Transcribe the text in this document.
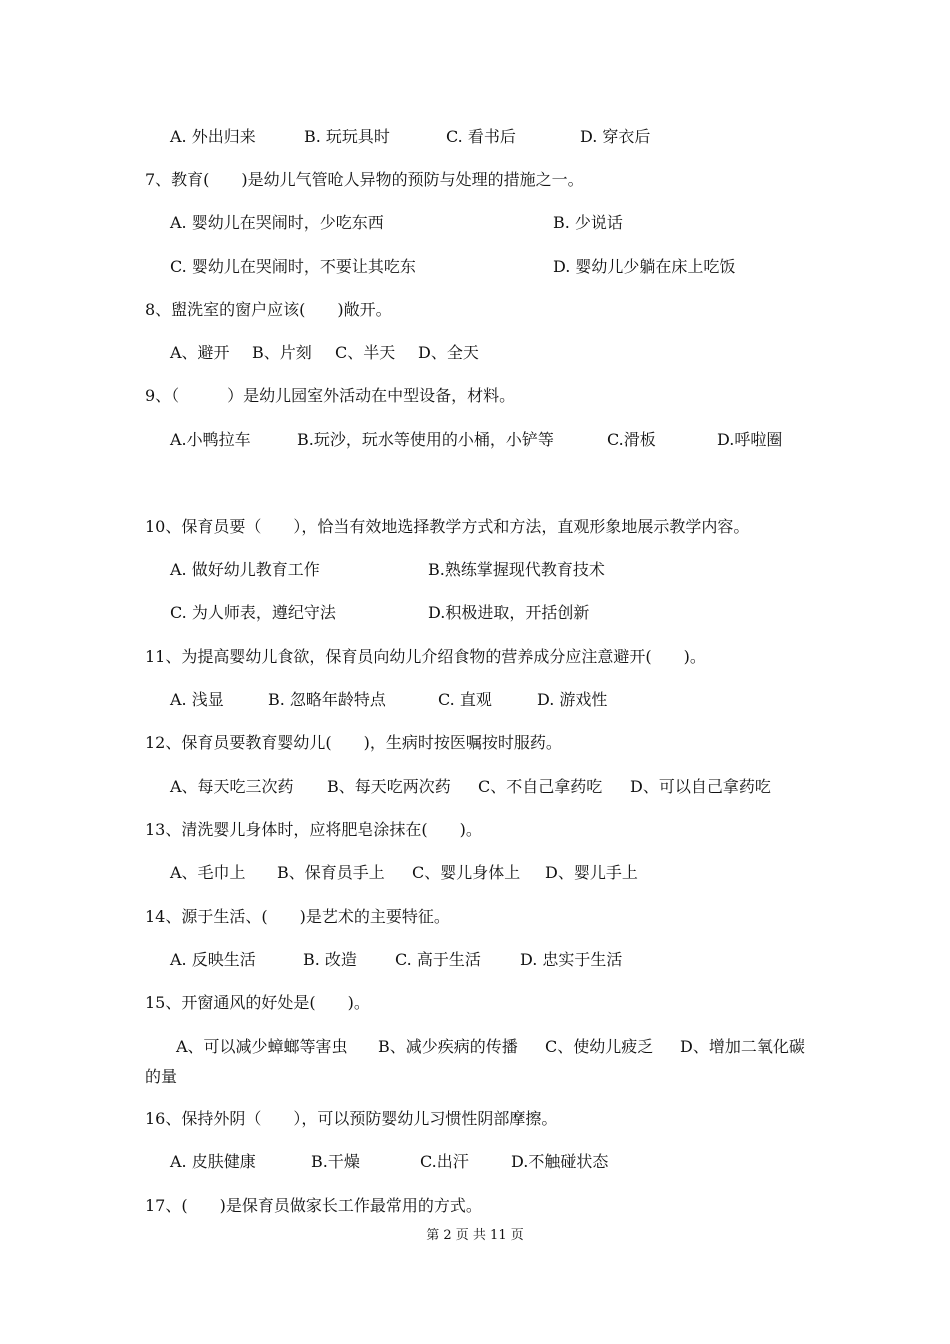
A. 外出归来	B. 玩玩具时	C. 看书后	D. 穿衣后
7、教育(　　)是幼儿气管呛人异物的预防与处理的措施之一。
A. 婴幼儿在哭闹时，少吃东西	B. 少说话
C. 婴幼儿在哭闹时，不要让其吃东	D. 婴幼儿少躺在床上吃饭
8、盥洗室的窗户应该(　　)敞开。
A、避开 B、片刻 C、半天 D、全天
9、（　　　）是幼儿园室外活动在中型设备，材料。
A.小鸭拉车	B.玩沙，玩水等使用的小桶，小铲等	C.滑板	D.呼啦圈
10、保育员要（　　），恰当有效地选择教学方式和方法，直观形象地展示教学内容。
A. 做好幼儿教育工作	B.熟练掌握现代教育技术
C. 为人师表，遵纪守法	D.积极进取，开括创新
11、为提高婴幼儿食欲，保育员向幼儿介绍食物的营养成分应注意避开(　　)。
A. 浅显	B. 忽略年龄特点	C. 直观	D. 游戏性
12、保育员要教育婴幼儿(　　)，生病时按医嘱按时服药。
A、每天吃三次药 B、每天吃两次药 C、不自己拿药吃 D、可以自己拿药吃
13、清洗婴儿身体时，应将肥皂涂抹在(　　)。
A、毛巾上 B、保育员手上 C、婴儿身体上 D、婴儿手上
14、源于生活、(　　)是艺术的主要特征。
A. 反映生活	B. 改造 C. 高于生活 D. 忠实于生活
15、开窗通风的好处是(　　)。
A、可以减少蟑螂等害虫 B、减少疾病的传播 C、使幼儿疲乏 D、增加二氧化碳
的量
16、保持外阴（　　），可以预防婴幼儿习惯性阴部摩擦。
A. 皮肤健康	B.干燥	C.出汗	D.不触碰状态
17、(　　)是保育员做家长工作最常用的方式。
第 2 页 共 11 页
